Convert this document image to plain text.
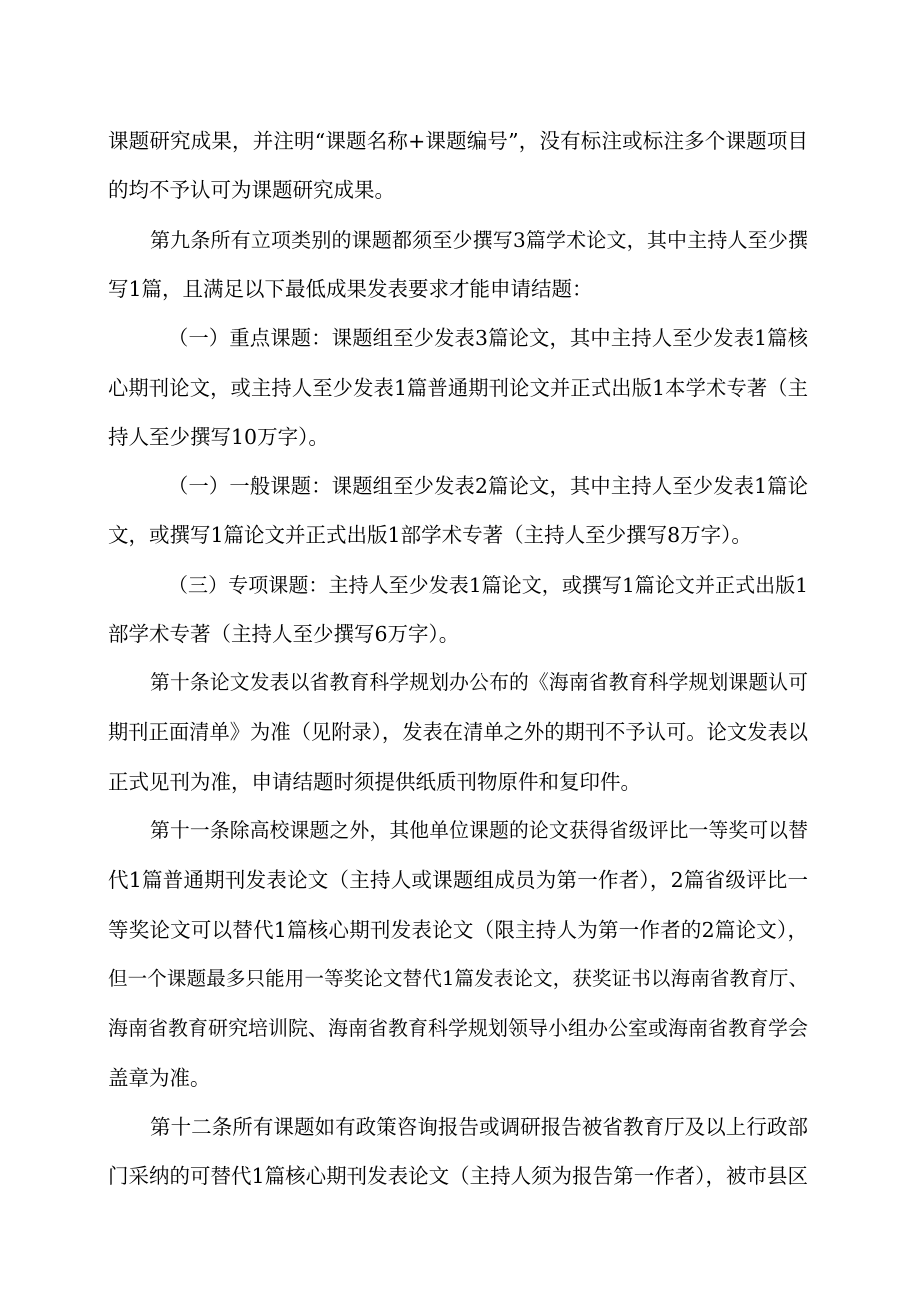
课题研究成果，并注明“课题名称+课题编号”，没有标注或标注多个课题项目
的均不予认可为课题研究成果。
第九条所有立项类别的课题都须至少撰写3篇学术论文，其中主持人至少撰
写1篇，且满足以下最低成果发表要求才能申请结题：
（一）重点课题：课题组至少发表3篇论文，其中主持人至少发表1篇核
心期刊论文，或主持人至少发表1篇普通期刊论文并正式出版1本学术专著（主
持人至少撰写10万字）。
（一）一般课题：课题组至少发表2篇论文，其中主持人至少发表1篇论
文，或撰写1篇论文并正式出版1部学术专著（主持人至少撰写8万字）。
（三）专项课题：主持人至少发表1篇论文，或撰写1篇论文并正式出版1
部学术专著（主持人至少撰写6万字）。
第十条论文发表以省教育科学规划办公布的《海南省教育科学规划课题认可
期刊正面清单》为准（见附录），发表在清单之外的期刊不予认可。论文发表以
正式见刊为准，申请结题时须提供纸质刊物原件和复印件。
第十一条除高校课题之外，其他单位课题的论文获得省级评比一等奖可以替
代1篇普通期刊发表论文（主持人或课题组成员为第一作者），2篇省级评比一
等奖论文可以替代1篇核心期刊发表论文（限主持人为第一作者的2篇论文），
但一个课题最多只能用一等奖论文替代1篇发表论文，获奖证书以海南省教育厅、
海南省教育研究培训院、海南省教育科学规划领导小组办公室或海南省教育学会
盖章为准。
第十二条所有课题如有政策咨询报告或调研报告被省教育厅及以上行政部
门采纳的可替代1篇核心期刊发表论文（主持人须为报告第一作者），被市县区
